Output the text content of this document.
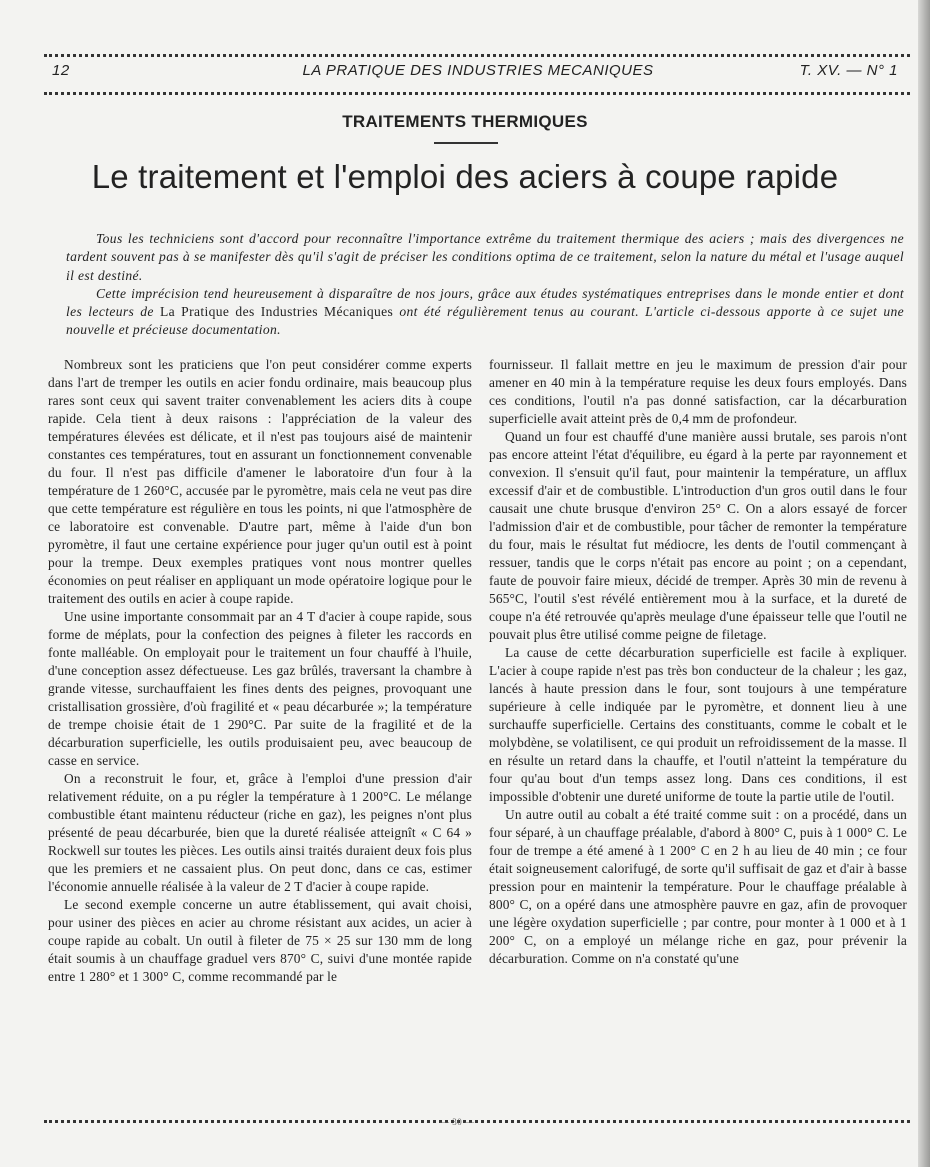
12	LA PRATIQUE DES INDUSTRIES MECANIQUES	T. XV. — N° 1
TRAITEMENTS THERMIQUES
Le traitement et l'emploi des aciers à coupe rapide

Tous les techniciens sont d'accord pour reconnaître l'importance extrême du traitement thermique des aciers ; mais des divergences ne tardent souvent pas à se manifester dès qu'il s'agit de préciser les conditions optima de ce traitement, selon la nature du métal et l'usage auquel il est destiné.

Cette imprécision tend heureusement à disparaître de nos jours, grâce aux études systématiques entreprises dans le monde entier et dont les lecteurs de La Pratique des Industries Mécaniques ont été régulièrement tenus au courant. L'article ci-dessous apporte à ce sujet une nouvelle et précieuse documentation.

Nombreux sont les praticiens que l'on peut considérer comme experts dans l'art de tremper les outils en acier fondu ordinaire, mais beaucoup plus rares sont ceux qui savent traiter convenablement les aciers dits à coupe rapide. Cela tient à deux raisons : l'appréciation de la valeur des températures élevées est délicate, et il n'est pas toujours aisé de maintenir constantes ces températures, tout en assurant un fonctionnement convenable du four. Il n'est pas difficile d'amener le laboratoire d'un four à la température de 1 260°C, accusée par le pyromètre, mais cela ne veut pas dire que cette température est régulière en tous les points, ni que l'atmosphère de ce laboratoire est convenable. D'autre part, même à l'aide d'un bon pyromètre, il faut une certaine expérience pour juger qu'un outil est à point pour la trempe. Deux exemples pratiques vont nous montrer quelles économies on peut réaliser en appliquant un mode opératoire logique pour le traitement des outils en acier à coupe rapide.

Une usine importante consommait par an 4 T d'acier à coupe rapide, sous forme de méplats, pour la confection des peignes à fileter les raccords en fonte malléable. On employait pour le traitement un four chauffé à l'huile, d'une conception assez défectueuse. Les gaz brûlés, traversant la chambre à grande vitesse, surchauffaient les fines dents des peignes, provoquant une cristallisation grossière, d'où fragilité et « peau décarburée »; la température de trempe choisie était de 1 290°C. Par suite de la fragilité et de la décarburation superficielle, les outils produisaient peu, avec beaucoup de casse en service.

On a reconstruit le four, et, grâce à l'emploi d'une pression d'air relativement réduite, on a pu régler la température à 1 200°C. Le mélange combustible étant maintenu réducteur (riche en gaz), les peignes n'ont plus présenté de peau décarburée, bien que la dureté réalisée atteignît « C 64 » Rockwell sur toutes les pièces. Les outils ainsi traités duraient deux fois plus que les premiers et ne cassaient plus. On peut donc, dans ce cas, estimer l'économie annuelle réalisée à la valeur de 2 T d'acier à coupe rapide.

Le second exemple concerne un autre établissement, qui avait choisi, pour usiner des pièces en acier au chrome résistant aux acides, un acier à coupe rapide au cobalt. Un outil à fileter de 75 × 25 sur 130 mm de long était soumis à un chauffage graduel vers 870° C, suivi d'une montée rapide entre 1 280° et 1 300° C, comme recommandé par le

fournisseur. Il fallait mettre en jeu le maximum de pression d'air pour amener en 40 min à la température requise les deux fours employés. Dans ces conditions, l'outil n'a pas donné satisfaction, car la décarburation superficielle avait atteint près de 0,4 mm de profondeur.

Quand un four est chauffé d'une manière aussi brutale, ses parois n'ont pas encore atteint l'état d'équilibre, eu égard à la perte par rayonnement et convexion. Il s'ensuit qu'il faut, pour maintenir la température, un afflux excessif d'air et de combustible. L'introduction d'un gros outil dans le four causait une chute brusque d'environ 25° C. On a alors essayé de forcer l'admission d'air et de combustible, pour tâcher de remonter la température du four, mais le résultat fut médiocre, les dents de l'outil commençant à ressuer, tandis que le corps n'était pas encore au point ; on a cependant, faute de pouvoir faire mieux, décidé de tremper. Après 30 min de revenu à 565°C, l'outil s'est révélé entièrement mou à la surface, et la dureté de coupe n'a été retrouvée qu'après meulage d'une épaisseur telle que l'outil ne pouvait plus être utilisé comme peigne de filetage.

La cause de cette décarburation superficielle est facile à expliquer. L'acier à coupe rapide n'est pas très bon conducteur de la chaleur ; les gaz, lancés à haute pression dans le four, sont toujours à une température supérieure à celle indiquée par le pyromètre, et donnent lieu à une surchauffe superficielle. Certains des constituants, comme le cobalt et le molybdène, se volatilisent, ce qui produit un refroidissement de la masse. Il en résulte un retard dans la chauffe, et l'outil n'atteint la température du four qu'au bout d'un temps assez long. Dans ces conditions, il est impossible d'obtenir une dureté uniforme de toute la partie utile de l'outil.

Un autre outil au cobalt a été traité comme suit : on a procédé, dans un four séparé, à un chauffage préalable, d'abord à 800° C, puis à 1 000° C. Le four de trempe a été amené à 1 200° C en 2 h au lieu de 40 min ; ce four était soigneusement calorifugé, de sorte qu'il suffisait de gaz et d'air à basse pression pour en maintenir la température. Pour le chauffage préalable à 800° C, on a opéré dans une atmosphère pauvre en gaz, afin de provoquer une légère oxydation superficielle ; par contre, pour monter à 1 000 et à 1 200° C, on a employé un mélange riche en gaz, pour prévenir la décarburation. Comme on n'a constaté qu'une

— 30 —
